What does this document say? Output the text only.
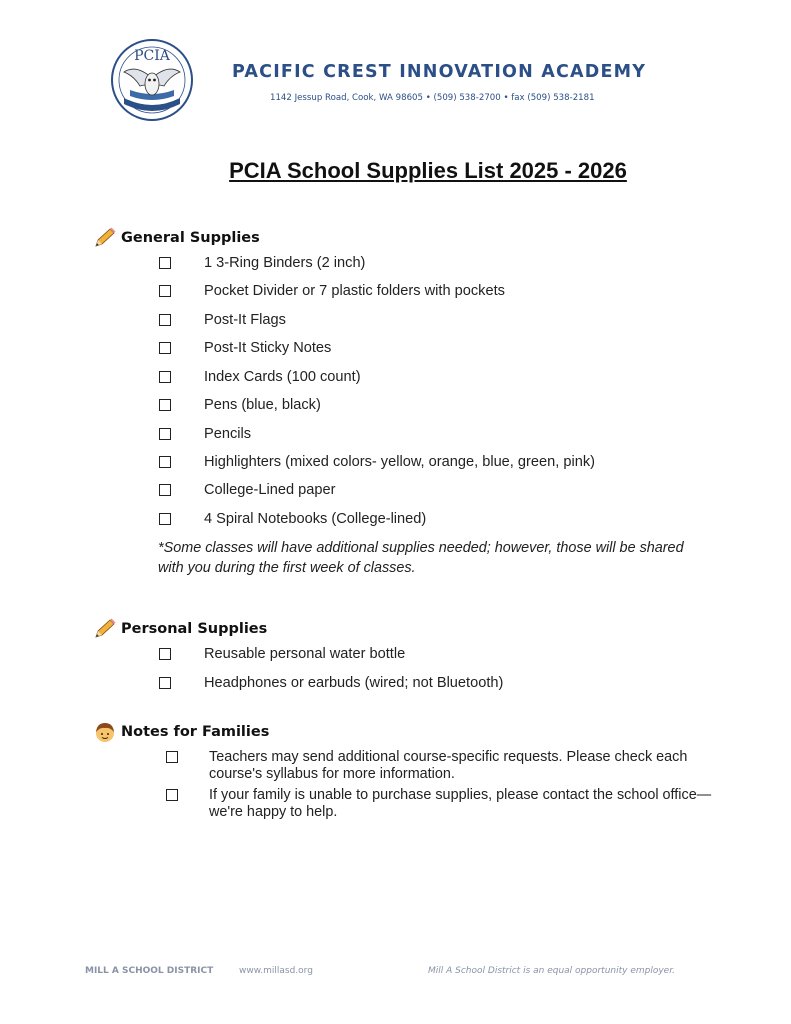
PCIA
PACIFIC CREST INNOVATION ACADEMY
1142 Jessup Road, Cook, WA 98605 • (509) 538-2700 • fax (509) 538-2181
PCIA School Supplies List 2025 - 2026
General Supplies
1 3-Ring Binders (2 inch)
Pocket Divider or 7 plastic folders with pockets
Post-It Flags
Post-It Sticky Notes
Index Cards (100 count)
Pens (blue, black)
Pencils
Highlighters (mixed colors- yellow, orange, blue, green, pink)
College-Lined paper
4 Spiral Notebooks (College-lined)
*Some classes will have additional supplies needed; however, those will be shared with you during the first week of classes.
Personal Supplies
Reusable personal water bottle
Headphones or earbuds (wired; not Bluetooth)
Notes for Families
Teachers may send additional course-specific requests. Please check each course's syllabus for more information.
If your family is unable to purchase supplies, please contact the school office—we're happy to help.
MILL A SCHOOL DISTRICT	www.millasd.org	Mill A School District is an equal opportunity employer.
